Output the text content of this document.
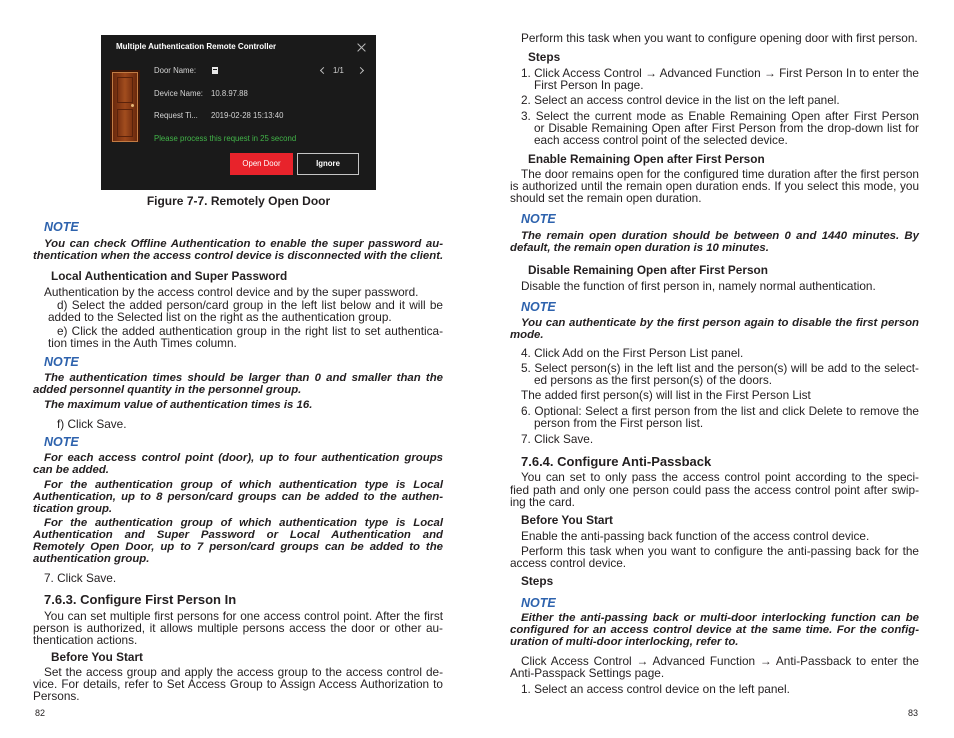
Multiple Authentication Remote Controller
Door Name:	1/1
Device Name: 10.8.97.88
Request Ti... 2019-02-28 15:13:40
Please process this request in 25 second
Open Door	Ignore
Figure 7-7. Remotely Open Door
NOTE
You can check Offline Authentication to enable the super password au-
thentication when the access control device is disconnected with the client.
Local Authentication and Super Password
Authentication by the access control device and by the super password.
d) Select the added person/card group in the left list below and it will be
added to the Selected list on the right as the authentication group.
e) Click the added authentication group in the right list to set authentica-
tion times in the Auth Times column.
NOTE
The authentication times should be larger than 0 and smaller than the
added personnel quantity in the personnel group.
The maximum value of authentication times is 16.
f) Click Save.
NOTE
For each access control point (door), up to four authentication groups
can be added.
For the authentication group of which authentication type is Local
Authentication, up to 8 person/card groups can be added to the authen-
tication group.
For the authentication group of which authentication type is Local
Authentication and Super Password or Local Authentication and
Remotely Open Door, up to 7 person/card groups can be added to the
authentication group.
7. Click Save.
7.6.3. Configure First Person In
You can set multiple first persons for one access control point. After the first
person is authorized, it allows multiple persons access the door or other au-
thentication actions.
Before You Start
Set the access group and apply the access group to the access control de-
vice. For details, refer to Set Access Group to Assign Access Authorization to
Persons.
82
Perform this task when you want to configure opening door with first person.
Steps
1. Click Access Control → Advanced Function → First Person In to enter the
First Person In page.
2. Select an access control device in the list on the left panel.
3. Select the current mode as Enable Remaining Open after First Person
or Disable Remaining Open after First Person from the drop-down list for
each access control point of the selected device.
Enable Remaining Open after First Person
The door remains open for the configured time duration after the first person
is authorized until the remain open duration ends. If you select this mode, you
should set the remain open duration.
NOTE
The remain open duration should be between 0 and 1440 minutes. By
default, the remain open duration is 10 minutes.
Disable Remaining Open after First Person
Disable the function of first person in, namely normal authentication.
NOTE
You can authenticate by the first person again to disable the first person
mode.
4. Click Add on the First Person List panel.
5. Select person(s) in the left list and the person(s) will be add to the select-
ed persons as the first person(s) of the doors.
The added first person(s) will list in the First Person List
6. Optional: Select a first person from the list and click Delete to remove the
person from the First person list.
7. Click Save.
7.6.4. Configure Anti-Passback
You can set to only pass the access control point according to the speci-
fied path and only one person could pass the access control point after swip-
ing the card.
Before You Start
Enable the anti-passing back function of the access control device.
Perform this task when you want to configure the anti-passing back for the
access control device.
Steps
NOTE
Either the anti-passing back or multi-door interlocking function can be
configured for an access control device at the same time. For the config-
uration of multi-door interlocking, refer to.
Click Access Control → Advanced Function → Anti-Passback to enter the
Anti-Passpack Settings page.
1. Select an access control device on the left panel.
83
